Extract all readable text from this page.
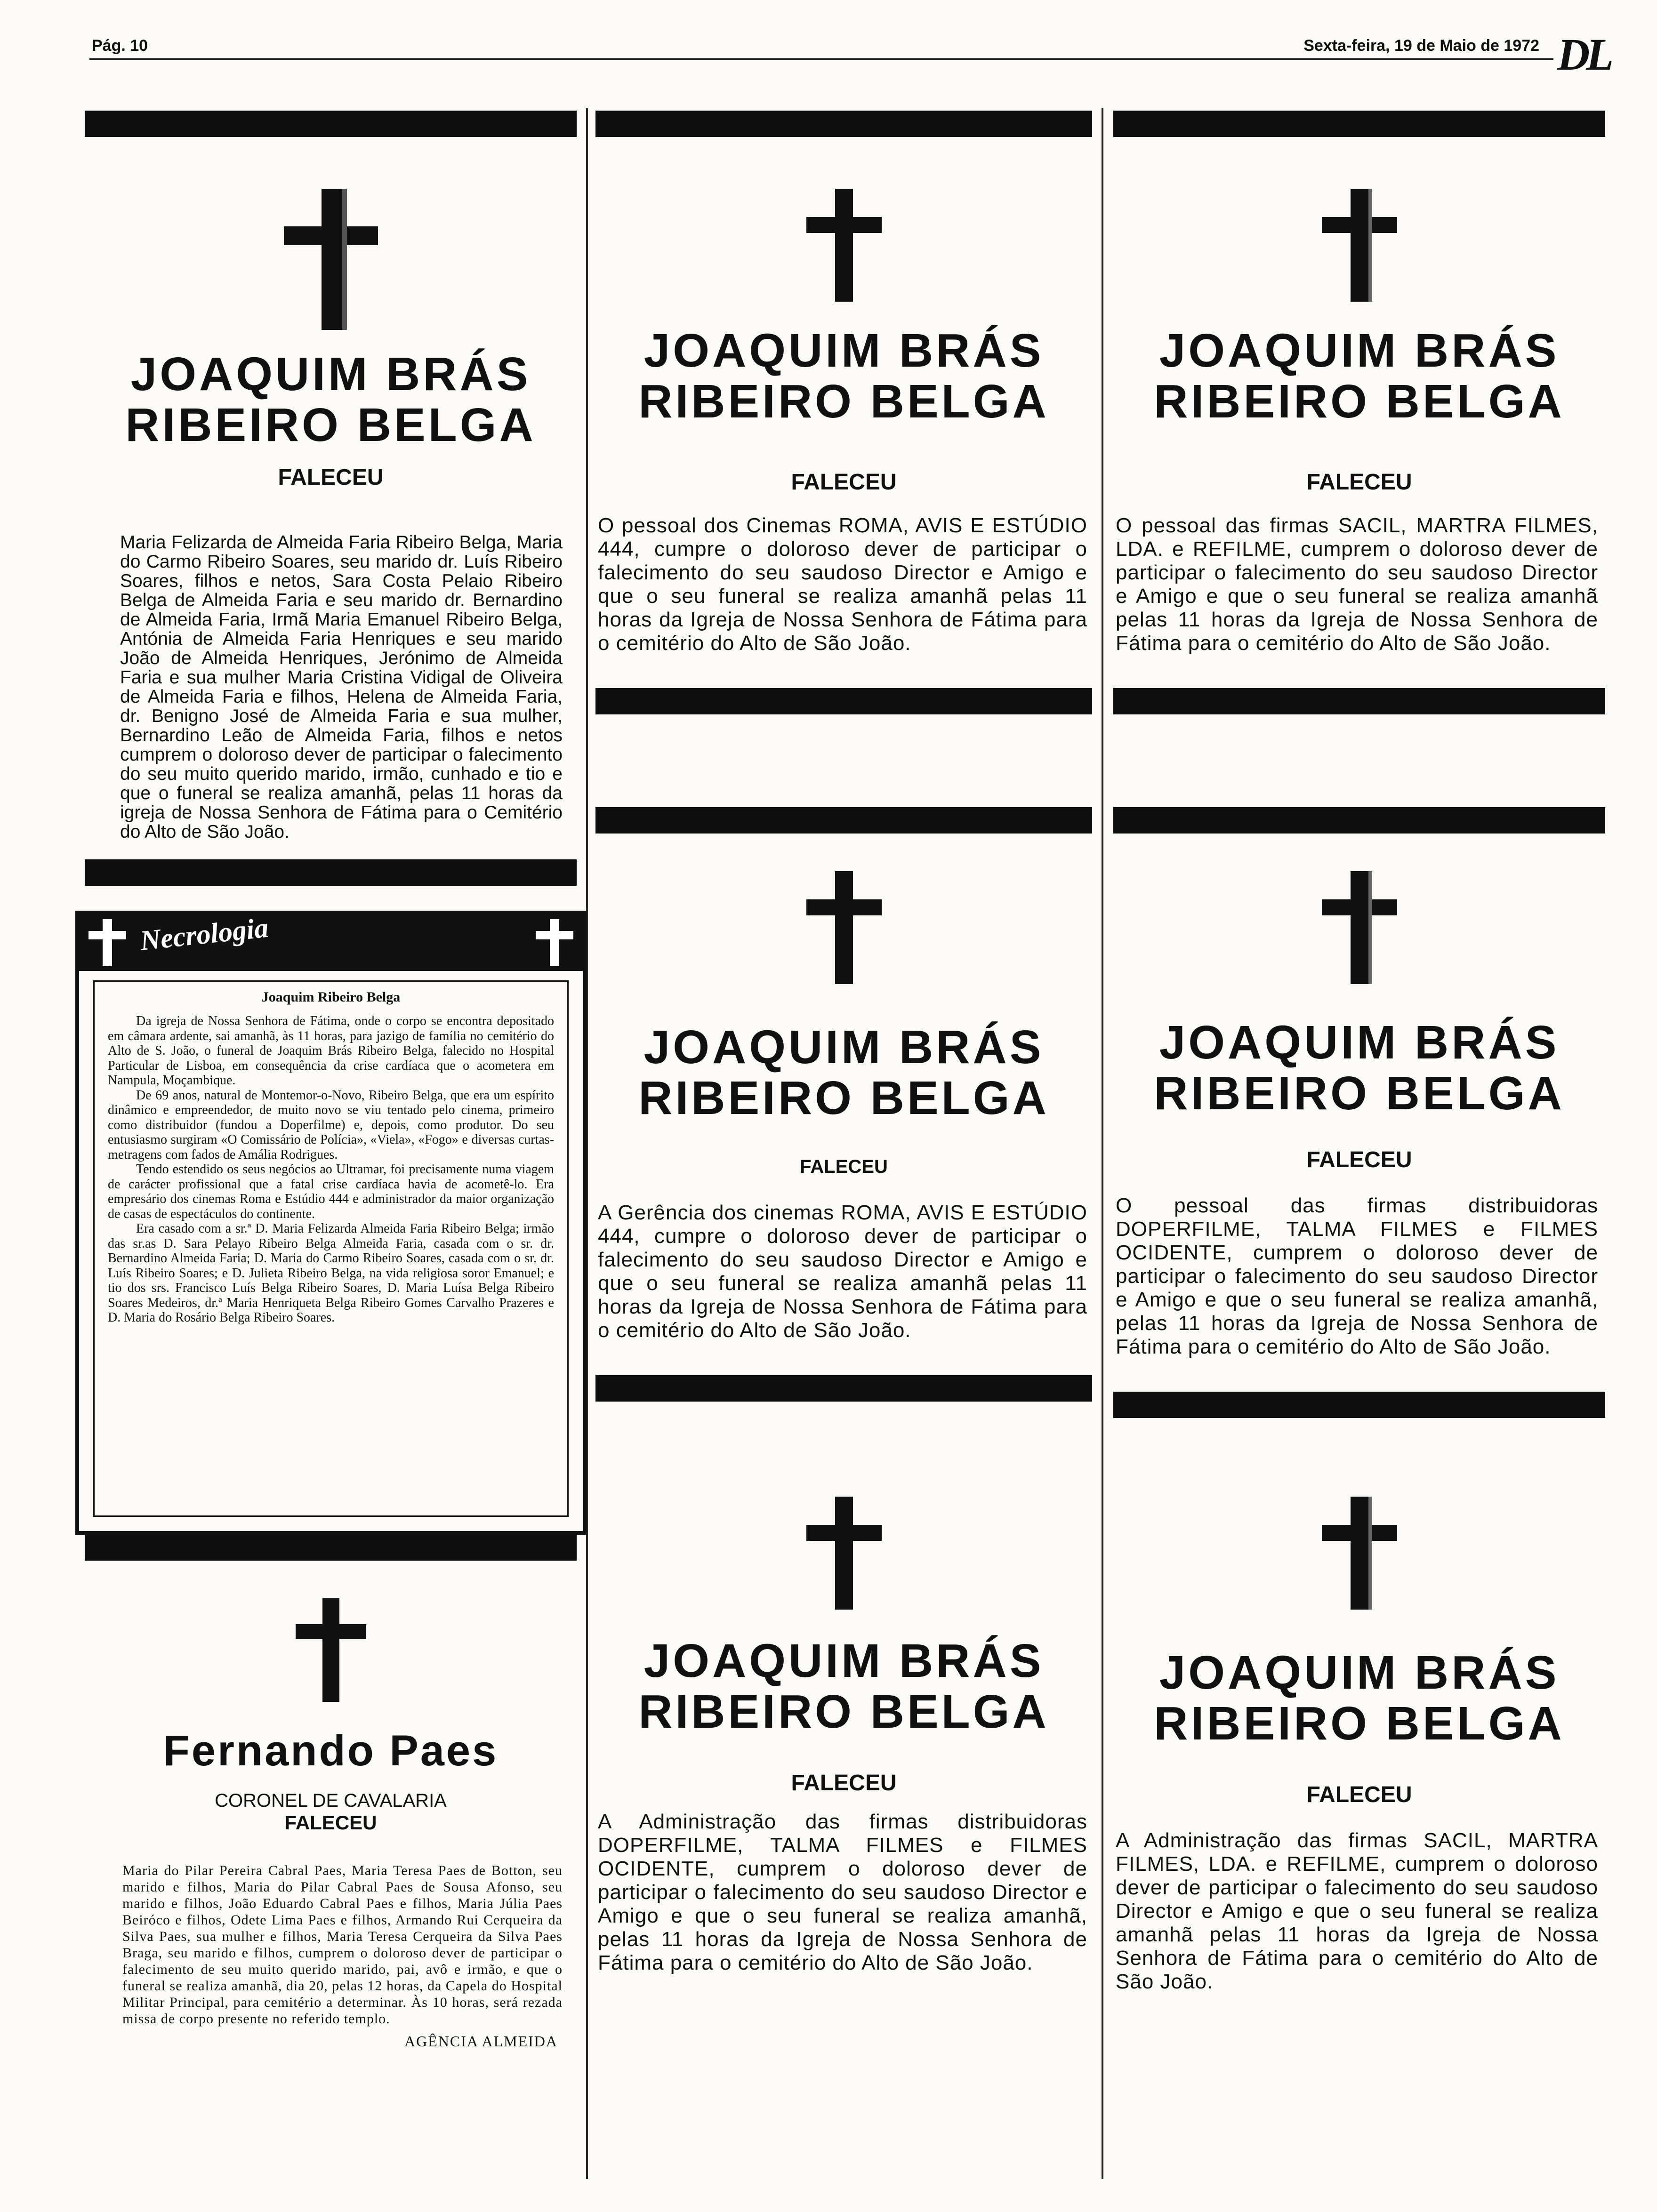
Pág. 10	Sexta-feira, 19 de Maio de 1972 DL
JOAQUIM BRÁS
RIBEIRO BELGA
FALECEU
Maria Felizarda de Almeida Faria Ribeiro Belga, Maria do Carmo Ribeiro Soares, seu marido dr. Luís Ribeiro Soares, filhos e netos, Sara Costa Pelaio Ribeiro Belga de Almeida Faria e seu marido dr. Bernardino de Almeida Faria, Irmã Maria Emanuel Ribeiro Belga, Antónia de Almeida Faria Henriques e seu marido João de Almeida Henriques, Jerónimo de Almeida Faria e sua mulher Maria Cristina Vidigal de Oliveira de Almeida Faria e filhos, Helena de Almeida Faria, dr. Benigno José de Almeida Faria e sua mulher, Bernardino Leão de Almeida Faria, filhos e netos cumprem o doloroso dever de participar o falecimento do seu muito querido marido, irmão, cunhado e tio e que o funeral se realiza amanhã, pelas 11 horas da igreja de Nossa Senhora de Fátima para o Cemitério do Alto de São João.
Necrologia
Joaquim Ribeiro Belga

Da igreja de Nossa Senhora de Fátima, onde o corpo se encontra depositado em câmara ardente, sai amanhã, às 11 horas, para jazigo de família no cemitério do Alto de S. João, o funeral de Joaquim Brás Ribeiro Belga, falecido no Hospital Particular de Lisboa, em consequência da crise cardíaca que o acometera em Nampula, Moçambique.

De 69 anos, natural de Montemor-o-Novo, Ribeiro Belga, que era um espírito dinâmico e empreendedor, de muito novo se viu tentado pelo cinema, primeiro como distribuidor (fundou a Doperfilme) e, depois, como produtor. Do seu entusiasmo surgiram «O Comissário de Polícia», «Viela», «Fogo» e diversas curtas-metragens com fados de Amália Rodrigues.

Tendo estendido os seus negócios ao Ultramar, foi precisamente numa viagem de carácter profissional que a fatal crise cardíaca havia de acometê-lo. Era empresário dos cinemas Roma e Estúdio 444 e administrador da maior organização de casas de espectáculos do continente.

Era casado com a sr.ª D. Maria Felizarda Almeida Faria Ribeiro Belga; irmão das sr.as D. Sara Pelayo Ribeiro Belga Almeida Faria, casada com o sr. dr. Bernardino Almeida Faria; D. Maria do Carmo Ribeiro Soares, casada com o sr. dr. Luís Ribeiro Soares; e D. Julieta Ribeiro Belga, na vida religiosa soror Emanuel; e tio dos srs. Francisco Luís Belga Ribeiro Soares, D. Maria Luísa Belga Ribeiro Soares Medeiros, dr.ª Maria Henriqueta Belga Ribeiro Gomes Carvalho Prazeres e D. Maria do Rosário Belga Ribeiro Soares.

Fernando Paes
CORONEL DE CAVALARIA
FALECEU
Maria do Pilar Pereira Cabral Paes, Maria Teresa Paes de Botton, seu marido e filhos, Maria do Pilar Cabral Paes de Sousa Afonso, seu marido e filhos, João Eduardo Cabral Paes e filhos, Maria Júlia Paes Beiróco e filhos, Odete Lima Paes e filhos, Armando Rui Cerqueira da Silva Paes, sua mulher e filhos, Maria Teresa Cerqueira da Silva Paes Braga, seu marido e filhos, cumprem o doloroso dever de participar o falecimento de seu muito querido marido, pai, avô e irmão, e que o funeral se realiza amanhã, dia 20, pelas 12 horas, da Capela do Hospital Militar Principal, para cemitério a determinar. Às 10 horas, será rezada missa de corpo presente no referido templo.
AGÊNCIA ALMEIDA
JOAQUIM BRÁS
RIBEIRO BELGA
FALECEU
O pessoal dos Cinemas ROMA, AVIS E ESTÚDIO 444, cumpre o doloroso dever de participar o falecimento do seu saudoso Director e Amigo e que o seu funeral se realiza amanhã pelas 11 horas da Igreja de Nossa Senhora de Fátima para o cemitério do Alto de São João.
JOAQUIM BRÁS
RIBEIRO BELGA
FALECEU
A Gerência dos cinemas ROMA, AVIS E ESTÚDIO 444, cumpre o doloroso dever de participar o falecimento do seu saudoso Director e Amigo e que o seu funeral se realiza amanhã pelas 11 horas da Igreja de Nossa Senhora de Fátima para o cemitério do Alto de São João.
JOAQUIM BRÁS
RIBEIRO BELGA
FALECEU
A Administração das firmas distribuidoras DOPERFILME, TALMA FILMES e FILMES OCIDENTE, cumprem o doloroso dever de participar o falecimento do seu saudoso Director e Amigo e que o seu funeral se realiza amanhã, pelas 11 horas da Igreja de Nossa Senhora de Fátima para o cemitério do Alto de São João.
JOAQUIM BRÁS
RIBEIRO BELGA
FALECEU
O pessoal das firmas SACIL, MARTRA FILMES, LDA. e REFILME, cumprem o doloroso dever de participar o falecimento do seu saudoso Director e Amigo e que o seu funeral se realiza amanhã pelas 11 horas da Igreja de Nossa Senhora de Fátima para o cemitério do Alto de São João.
JOAQUIM BRÁS
RIBEIRO BELGA
FALECEU
O pessoal das firmas distribuidoras DOPERFILME, TALMA FILMES e FILMES OCIDENTE, cumprem o doloroso dever de participar o falecimento do seu saudoso Director e Amigo e que o seu funeral se realiza amanhã, pelas 11 horas da Igreja de Nossa Senhora de Fátima para o cemitério do Alto de São João.
JOAQUIM BRÁS
RIBEIRO BELGA
FALECEU
A Administração das firmas SACIL, MARTRA FILMES, LDA. e REFILME, cumprem o doloroso dever de participar o falecimento do seu saudoso Director e Amigo e que o seu funeral se realiza amanhã pelas 11 horas da Igreja de Nossa Senhora de Fátima para o cemitério do Alto de São João.
